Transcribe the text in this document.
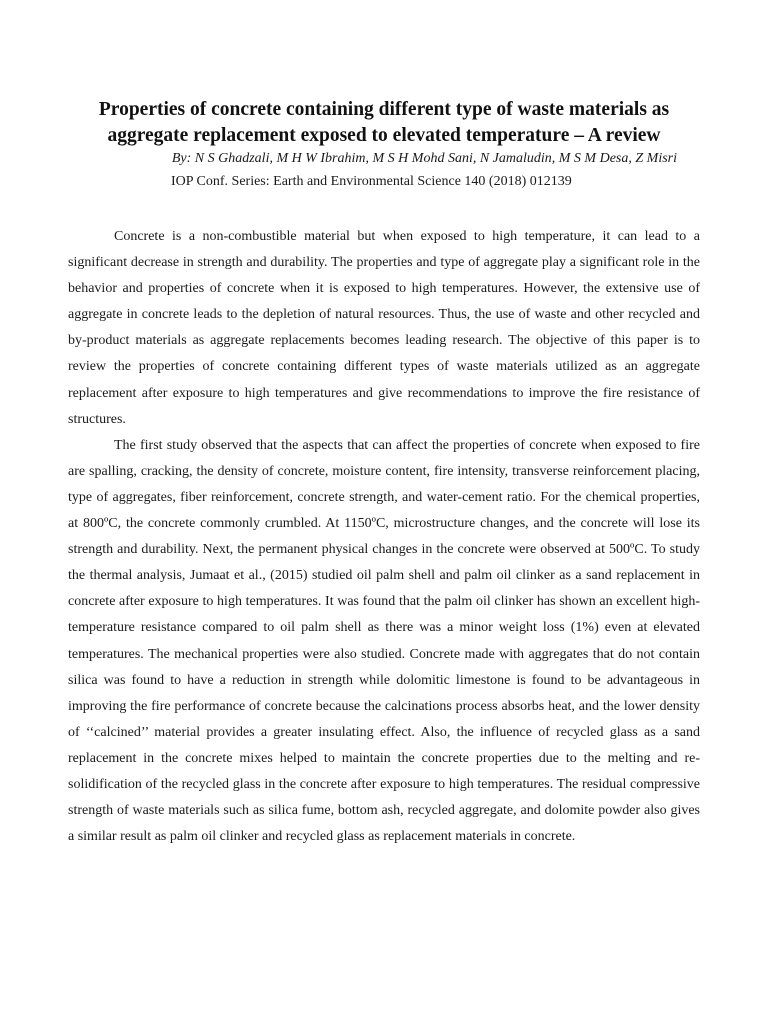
Properties of concrete containing different type of waste materials as aggregate replacement exposed to elevated temperature – A review
By: N S Ghadzali, M H W Ibrahim, M S H Mohd Sani, N Jamaludin, M S M Desa, Z Misri
IOP Conf. Series: Earth and Environmental Science 140 (2018) 012139

Concrete is a non-combustible material but when exposed to high temperature, it can lead to a significant decrease in strength and durability. The properties and type of aggregate play a significant role in the behavior and properties of concrete when it is exposed to high temperatures. However, the extensive use of aggregate in concrete leads to the depletion of natural resources. Thus, the use of waste and other recycled and by-product materials as aggregate replacements becomes leading research. The objective of this paper is to review the properties of concrete containing different types of waste materials utilized as an aggregate replacement after exposure to high temperatures and give recommendations to improve the fire resistance of structures.

The first study observed that the aspects that can affect the properties of concrete when exposed to fire are spalling, cracking, the density of concrete, moisture content, fire intensity, transverse reinforcement placing, type of aggregates, fiber reinforcement, concrete strength, and water-cement ratio. For the chemical properties, at 800ºC, the concrete commonly crumbled. At 1150ºC, microstructure changes, and the concrete will lose its strength and durability. Next, the permanent physical changes in the concrete were observed at 500ºC. To study the thermal analysis, Jumaat et al., (2015) studied oil palm shell and palm oil clinker as a sand replacement in concrete after exposure to high temperatures. It was found that the palm oil clinker has shown an excellent high-temperature resistance compared to oil palm shell as there was a minor weight loss (1%) even at elevated temperatures. The mechanical properties were also studied. Concrete made with aggregates that do not contain silica was found to have a reduction in strength while dolomitic limestone is found to be advantageous in improving the fire performance of concrete because the calcinations process absorbs heat, and the lower density of ‘‘calcined’’ material provides a greater insulating effect. Also, the influence of recycled glass as a sand replacement in the concrete mixes helped to maintain the concrete properties due to the melting and re-solidification of the recycled glass in the concrete after exposure to high temperatures. The residual compressive strength of waste materials such as silica fume, bottom ash, recycled aggregate, and dolomite powder also gives a similar result as palm oil clinker and recycled glass as replacement materials in concrete.
